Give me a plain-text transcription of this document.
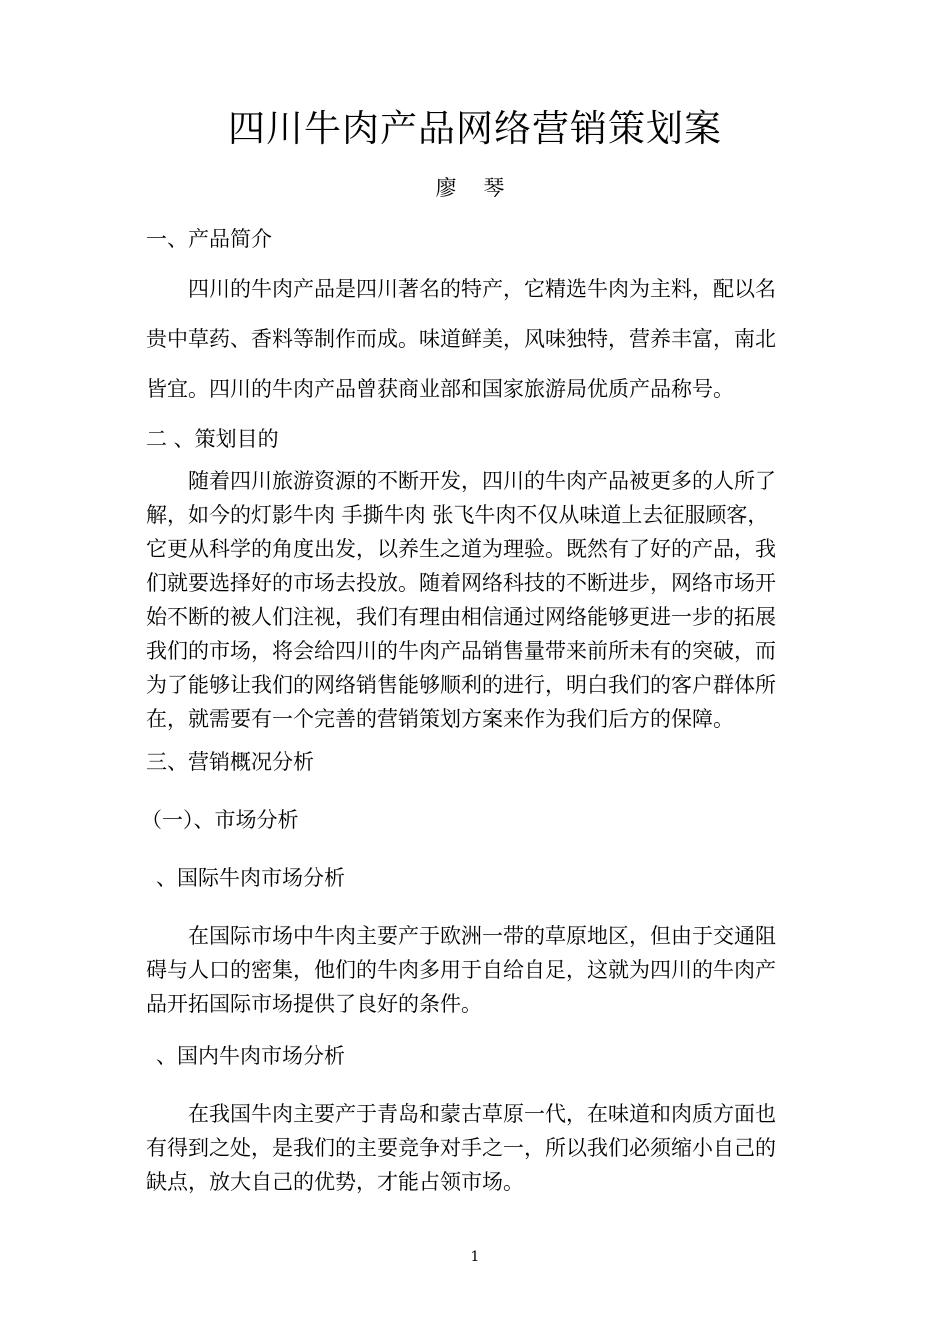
四川牛肉产品网络营销策划案
廖 琴
一、产品简介
四川的牛肉产品是四川著名的特产，它精选牛肉为主料，配以名
贵中草药、香料等制作而成。味道鲜美，风味独特，营养丰富，南北
皆宜。四川的牛肉产品曾获商业部和国家旅游局优质产品称号。
二 、策划目的
随着四川旅游资源的不断开发，四川的牛肉产品被更多的人所了
解，如今的灯影牛肉 手撕牛肉 张飞牛肉不仅从味道上去征服顾客，
它更从科学的角度出发，以养生之道为理验。既然有了好的产品，我
们就要选择好的市场去投放。随着网络科技的不断进步，网络市场开
始不断的被人们注视，我们有理由相信通过网络能够更进一步的拓展
我们的市场，将会给四川的牛肉产品销售量带来前所未有的突破，而
为了能够让我们的网络销售能够顺利的进行，明白我们的客户群体所
在，就需要有一个完善的营销策划方案来作为我们后方的保障。
三、营销概况分析
（一）、市场分析
、国际牛肉市场分析
在国际市场中牛肉主要产于欧洲一带的草原地区，但由于交通阻
碍与人口的密集，他们的牛肉多用于自给自足，这就为四川的牛肉产
品开拓国际市场提供了良好的条件。
、国内牛肉市场分析
在我国牛肉主要产于青岛和蒙古草原一代，在味道和肉质方面也
有得到之处，是我们的主要竞争对手之一，所以我们必须缩小自己的
缺点，放大自己的优势，才能占领市场。
1
